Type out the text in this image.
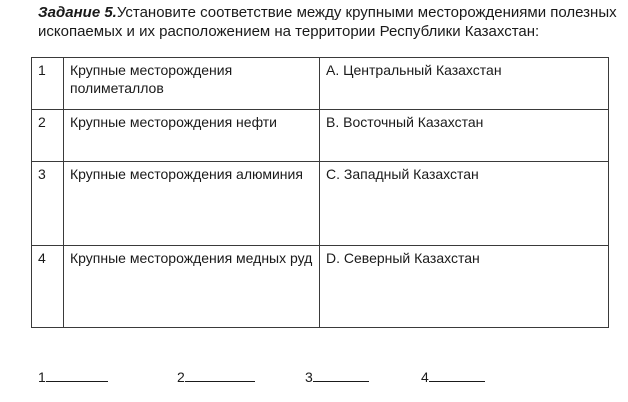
Задание 5.Установите соответствие между крупными месторождениями полезных ископаемых и их расположением на территории Республики Казахстан:
1	Крупные месторождения полиметаллов	A. Центральный Казахстан
2	Крупные месторождения нефти	B. Восточный Казахстан
3	Крупные месторождения алюминия	C. Западный Казахстан
4	Крупные месторождения медных руд	D. Северный Казахстан
1	2	3	4
